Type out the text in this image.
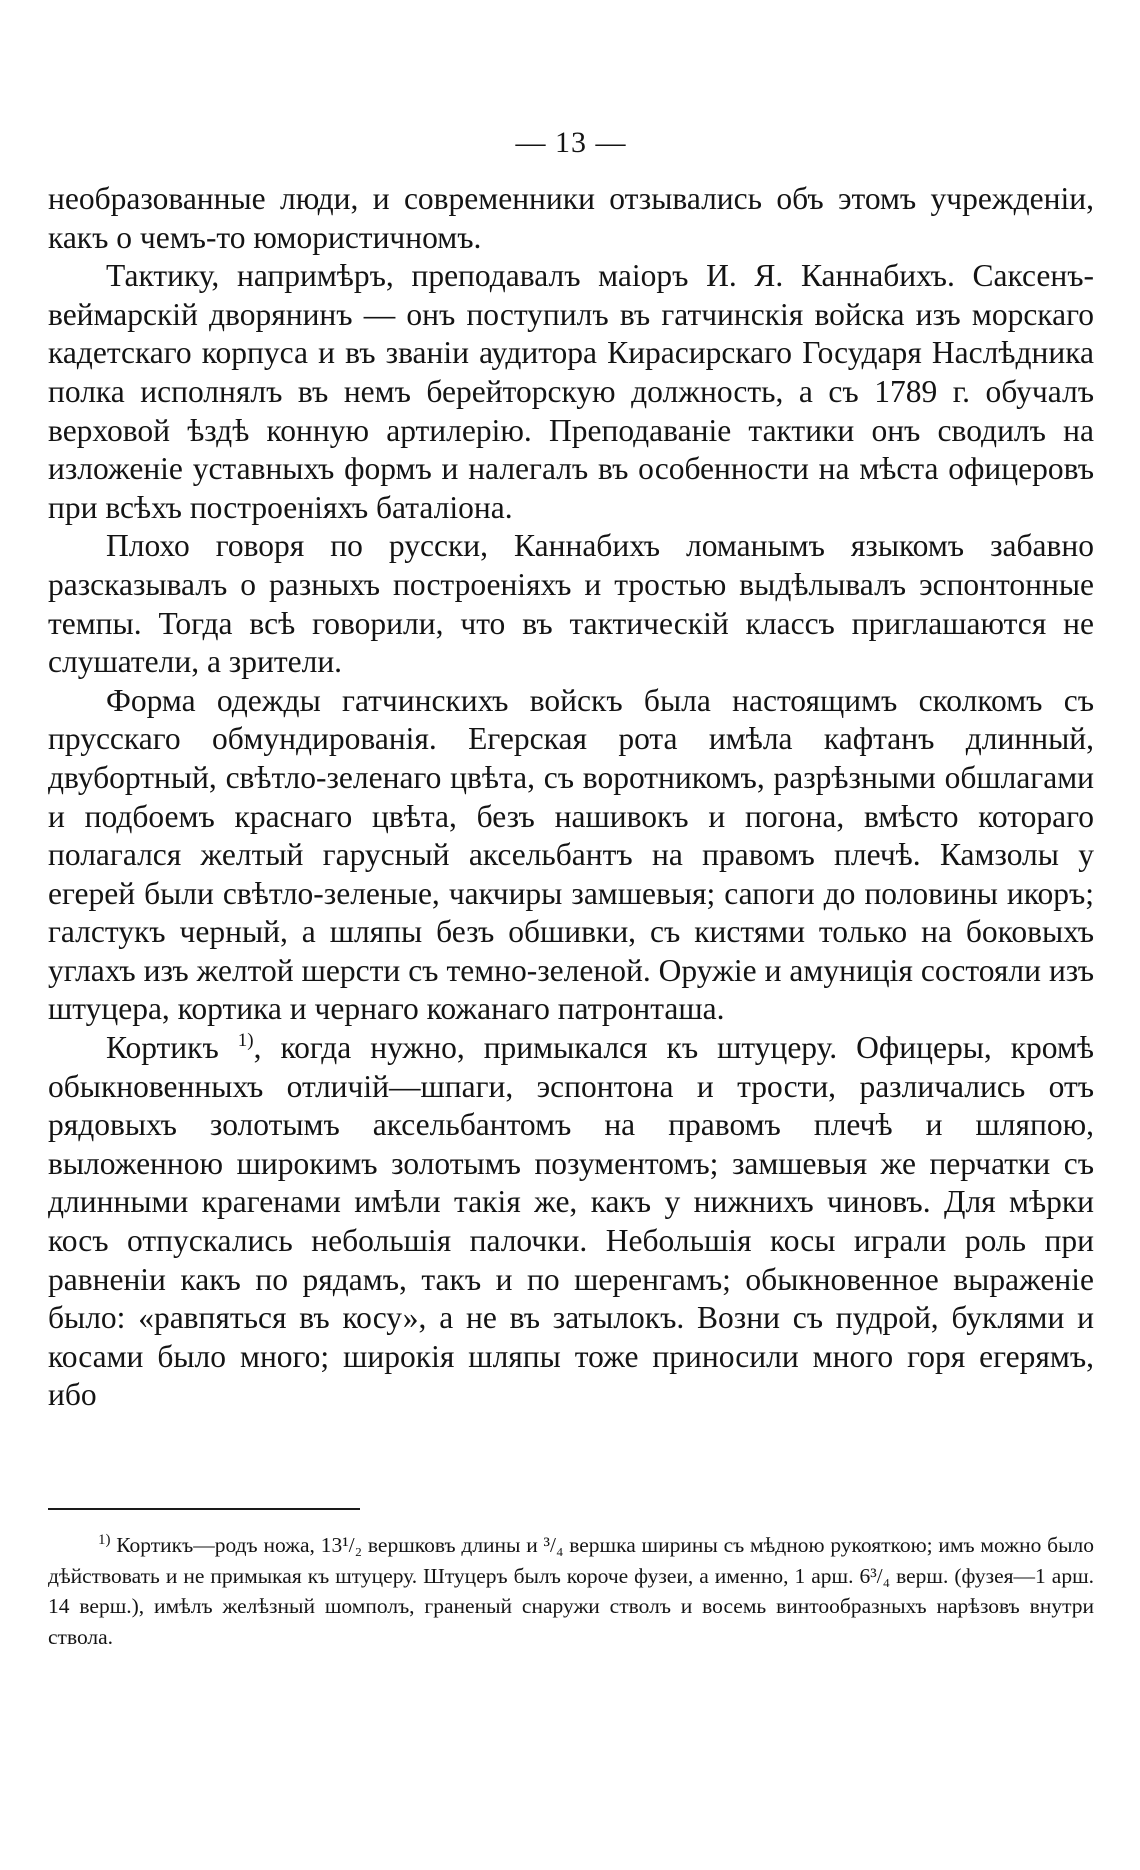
— 13 —

необразованные люди, и современники отзывались объ этомъ учрежденіи, какъ о чемъ-то юмористичномъ.

Тактику, напримѣръ, преподавалъ маіоръ И. Я. Каннабихъ. Саксенъ-веймарскій дворянинъ — онъ поступилъ въ гатчинскія войска изъ морскаго кадетскаго корпуса и въ званіи аудитора Кирасирскаго Государя Наслѣдника полка исполнялъ въ немъ берейторскую должность, а съ 1789 г. обучалъ верховой ѣздѣ конную артилерію. Преподаваніе тактики онъ сводилъ на изложеніе уставныхъ формъ и налегалъ въ особенности на мѣста офицеровъ при всѣхъ построеніяхъ баталіона.

Плохо говоря по русски, Каннабихъ ломанымъ языкомъ забавно разсказывалъ о разныхъ построеніяхъ и тростью выдѣлывалъ эспонтонные темпы. Тогда всѣ говорили, что въ тактическій классъ приглашаются не слушатели, а зрители.

Форма одежды гатчинскихъ войскъ была настоящимъ сколкомъ съ прусскаго обмундированія. Егерская рота имѣла кафтанъ длинный, двубортный, свѣтло-зеленаго цвѣта, съ воротникомъ, разрѣзными обшлагами и подбоемъ краснаго цвѣта, безъ нашивокъ и погона, вмѣсто котораго полагался желтый гарусный аксельбантъ на правомъ плечѣ. Камзолы у егерей были свѣтло-зеленые, чакчиры замшевыя; сапоги до половины икоръ; галстукъ черный, а шляпы безъ обшивки, съ кистями только на боковыхъ углахъ изъ желтой шерсти съ темно-зеленой. Оружіе и амуниція состояли изъ штуцера, кортика и чернаго кожанаго патронташа.

Кортикъ $^{1)}$, когда нужно, примыкался къ штуцеру. Офицеры, кромѣ обыкновенныхъ отличій—шпаги, эспонтона и трости, различались отъ рядовыхъ золотымъ аксельбантомъ на правомъ плечѣ и шляпою, выложенною широкимъ золотымъ позументомъ; замшевыя же перчатки съ длинными крагенами имѣли такія же, какъ у нижнихъ чиновъ. Для мѣрки косъ отпускались небольшія палочки. Небольшія косы играли роль при равненіи какъ по рядамъ, такъ и по шеренгамъ; обыкновенное выраженіе было: «равпяться въ косу», а не въ затылокъ. Возни съ пудрой, буклями и косами было много; широкія шляпы тоже приносили много горя егерямъ, ибо

$^{1)}$ Кортикъ—родъ ножа, 13¹/₂ вершковъ длины и ³/₄ вершка ширины съ мѣдною рукояткою; имъ можно было дѣйствовать и не примыкая къ штуцеру. Штуцеръ былъ короче фузеи, а именно, 1 арш. 6³/₄ верш. (фузея—1 арш. 14 верш.), имѣлъ желѣзный шомполъ, граненый снаружи стволъ и восемь винтообразныхъ нарѣзовъ внутри ствола.
